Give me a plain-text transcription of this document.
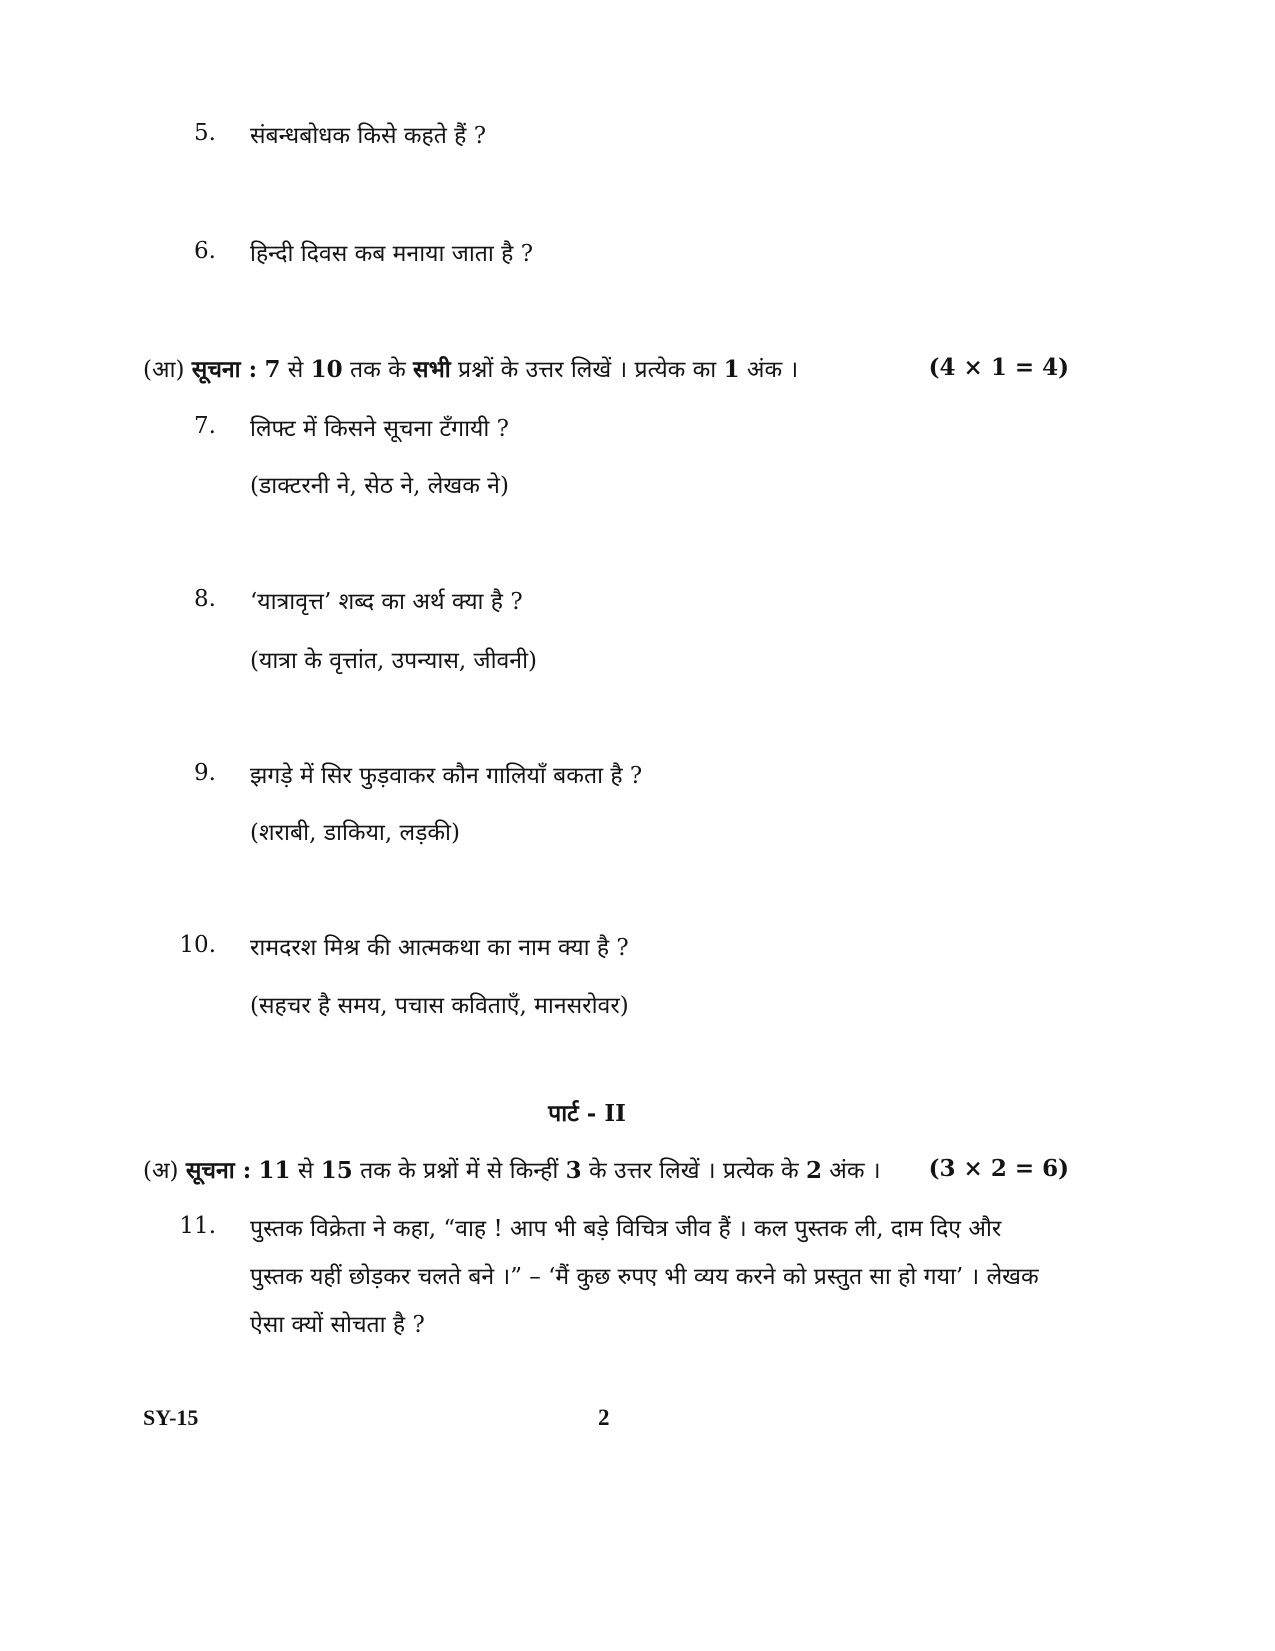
5. संबन्धबोधक किसे कहते हैं ?
6. हिन्दी दिवस कब मनाया जाता है ?
(आ) सूचना : 7 से 10 तक के सभी प्रश्नों के उत्तर लिखें । प्रत्येक का 1 अंक ।	(4 × 1 = 4)
7. लिफ्ट में किसने सूचना टँगायी ?
(डाक्टरनी ने, सेठ ने, लेखक ने)
8. ‘यात्रावृत्त’ शब्द का अर्थ क्या है ?
(यात्रा के वृत्तांत, उपन्यास, जीवनी)
9. झगड़े में सिर फुड़वाकर कौन गालियाँ बकता है ?
(शराबी, डाकिया, लड़की)
10. रामदरश मिश्र की आत्मकथा का नाम क्या है ?
(सहचर है समय, पचास कविताएँ, मानसरोवर)
पार्ट - II
(अ) सूचना : 11 से 15 तक के प्रश्नों में से किन्हीं 3 के उत्तर लिखें । प्रत्येक के 2 अंक । (3 × 2 = 6)
11. पुस्तक विक्रेता ने कहा, “वाह ! आप भी बड़े विचित्र जीव हैं । कल पुस्तक ली, दाम दिए और
पुस्तक यहीं छोड़कर चलते बने ।” – ‘मैं कुछ रुपए भी व्यय करने को प्रस्तुत सा हो गया’ । लेखक
ऐसा क्यों सोचता है ?
SY-15	2
